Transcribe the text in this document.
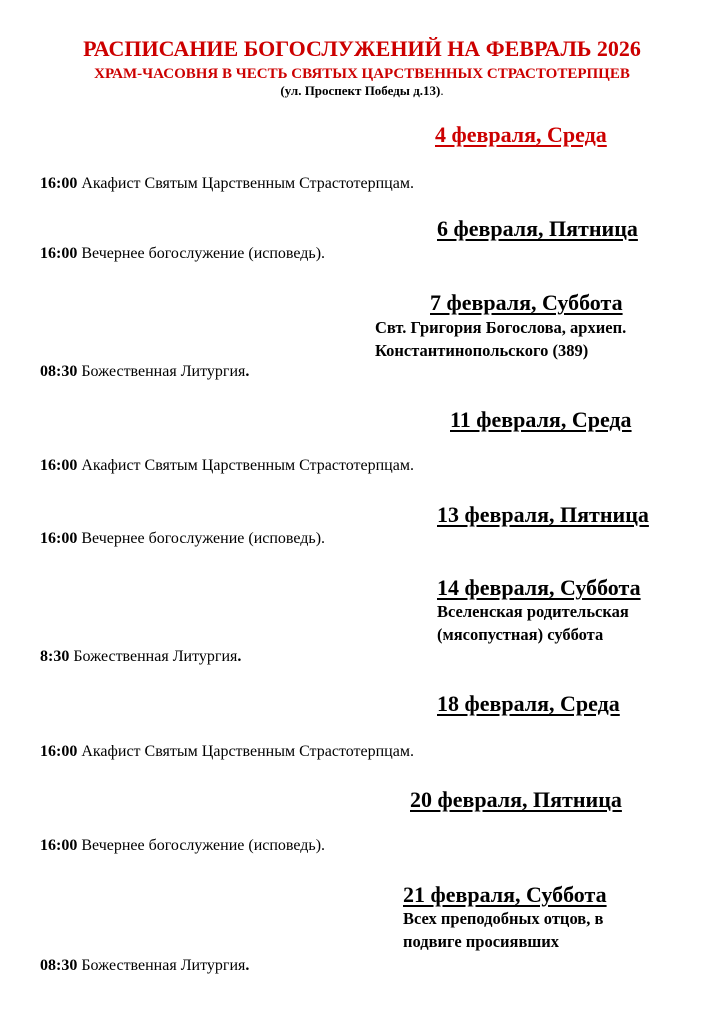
РАСПИСАНИЕ БОГОСЛУЖЕНИЙ НА ФЕВРАЛЬ 2026
ХРАМ-ЧАСОВНЯ В ЧЕСТЬ СВЯТЫХ ЦАРСТВЕННЫХ СТРАСТОТЕРПЦЕВ
(ул. Проспект Победы д.13).
4 февраля, Среда
16:00 Акафист Святым Царственным Страстотерпцам.
6 февраля, Пятница
16:00 Вечернее богослужение (исповедь).
7 февраля, Суббота
Свт. Григория Богослова, архиеп.
Константинопольского (389)
08:30 Божественная Литургия.
11 февраля, Среда
16:00 Акафист Святым Царственным Страстотерпцам.
13 февраля, Пятница
16:00 Вечернее богослужение (исповедь).
14 февраля, Суббота
Вселенская родительская
(мясопустная) суббота
8:30 Божественная Литургия.
18 февраля, Среда
16:00 Акафист Святым Царственным Страстотерпцам.
20 февраля, Пятница
16:00 Вечернее богослужение (исповедь).
21 февраля, Суббота
Всех преподобных отцов, в
подвиге просиявших
08:30 Божественная Литургия.
